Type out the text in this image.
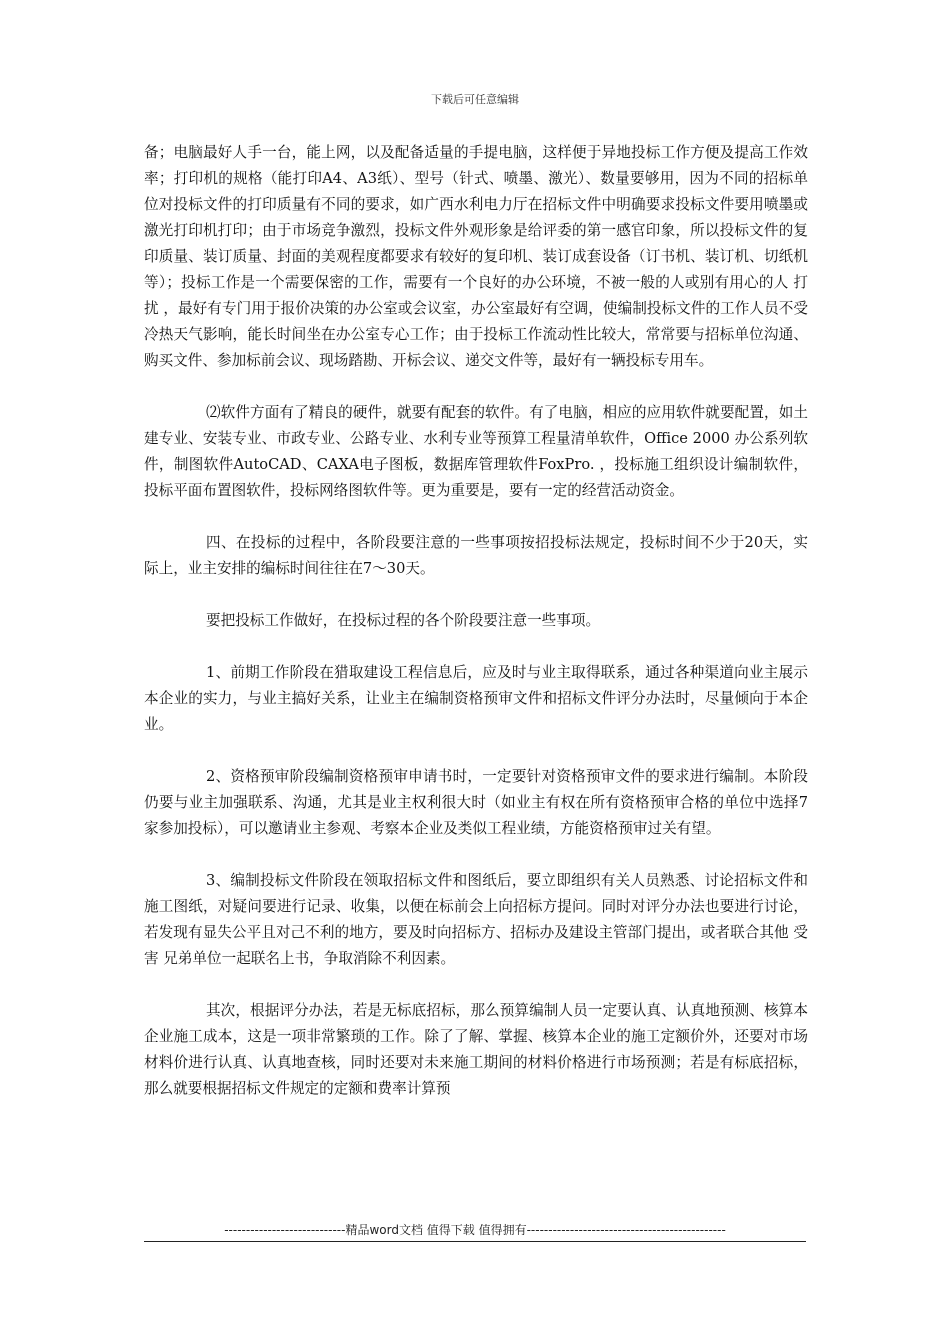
下载后可任意编辑

备；电脑最好人手一台，能上网，以及配备适量的手提电脑，这样便于异地投标工作方便及提高工作效率；打印机的规格（能打印A4、A3纸）、型号（针式、喷墨、激光）、数量要够用，因为不同的招标单位对投标文件的打印质量有不同的要求，如广西水利电力厅在招标文件中明确要求投标文件要用喷墨或激光打印机打印；由于市场竞争激烈，投标文件外观形象是给评委的第一感官印象，所以投标文件的复印质量、装订质量、封面的美观程度都要求有较好的复印机、装订成套设备（订书机、装订机、切纸机等）；投标工作是一个需要保密的工作，需要有一个良好的办公环境，不被一般的人或别有用心的人 打扰 ，最好有专门用于报价决策的办公室或会议室，办公室最好有空调，使编制投标文件的工作人员不受冷热天气影响，能长时间坐在办公室专心工作；由于投标工作流动性比较大，常常要与招标单位沟通、购买文件、参加标前会议、现场踏勘、开标会议、递交文件等，最好有一辆投标专用车。

⑵软件方面有了精良的硬件，就要有配套的软件。有了电脑，相应的应用软件就要配置，如土建专业、安装专业、市政专业、公路专业、水利专业等预算工程量清单软件，Office 2000 办公系列软件，制图软件AutoCAD、CAXA电子图板，数据库管理软件FoxPro. ，投标施工组织设计编制软件，投标平面布置图软件，投标网络图软件等。更为重要是，要有一定的经营活动资金。

四、在投标的过程中，各阶段要注意的一些事项按招投标法规定，投标时间不少于20天，实际上，业主安排的编标时间往往在7～30天。

要把投标工作做好，在投标过程的各个阶段要注意一些事项。

1、前期工作阶段在猎取建设工程信息后，应及时与业主取得联系，通过各种渠道向业主展示本企业的实力，与业主搞好关系，让业主在编制资格预审文件和招标文件评分办法时，尽量倾向于本企业。

2、资格预审阶段编制资格预审申请书时，一定要针对资格预审文件的要求进行编制。本阶段仍要与业主加强联系、沟通，尤其是业主权利很大时（如业主有权在所有资格预审合格的单位中选择7家参加投标），可以邀请业主参观、考察本企业及类似工程业绩，方能资格预审过关有望。

3、编制投标文件阶段在领取招标文件和图纸后，要立即组织有关人员熟悉、讨论招标文件和施工图纸，对疑问要进行记录、收集，以便在标前会上向招标方提问。同时对评分办法也要进行讨论，若发现有显失公平且对己不利的地方，要及时向招标方、招标办及建设主管部门提出，或者联合其他 受害 兄弟单位一起联名上书，争取消除不利因素。

其次，根据评分办法，若是无标底招标，那么预算编制人员一定要认真、认真地预测、核算本企业施工成本，这是一项非常繁琐的工作。除了了解、掌握、核算本企业的施工定额价外，还要对市场材料价进行认真、认真地查核，同时还要对未来施工期间的材料价格进行市场预测；若是有标底招标，那么就要根据招标文件规定的定额和费率计算预

----------------------------精品word文档 值得下载 值得拥有----------------------------------------------
